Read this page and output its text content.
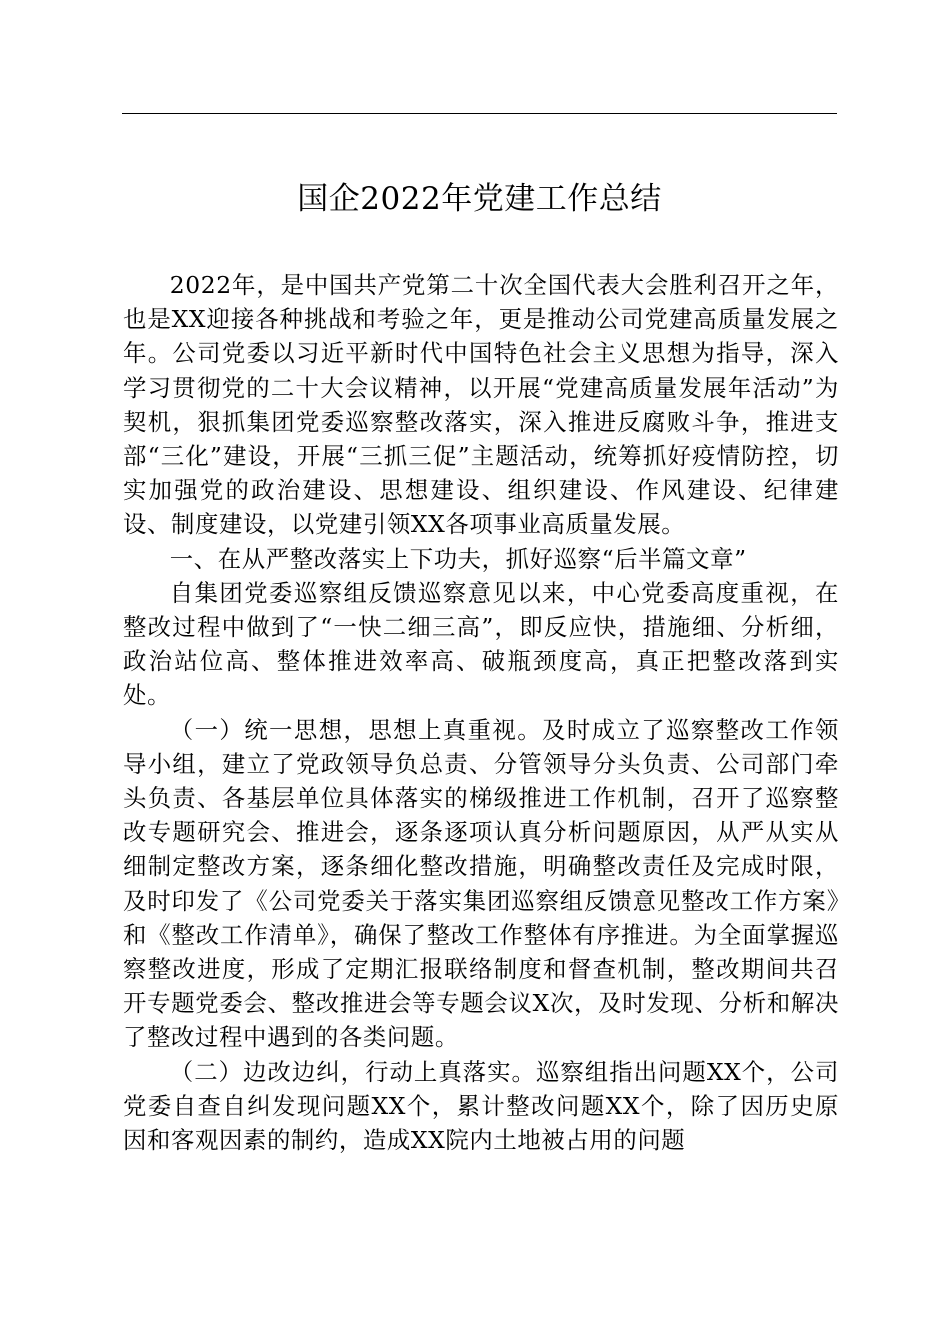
国企2022年党建工作总结

2022年，是中国共产党第二十次全国代表大会胜利召开之年，也是XX迎接各种挑战和考验之年，更是推动公司党建高质量发展之年。公司党委以习近平新时代中国特色社会主义思想为指导，深入学习贯彻党的二十大会议精神，以开展“党建高质量发展年活动”为契机，狠抓集团党委巡察整改落实，深入推进反腐败斗争，推进支部“三化”建设，开展“三抓三促”主题活动，统筹抓好疫情防控，切实加强党的政治建设、思想建设、组织建设、作风建设、纪律建设、制度建设，以党建引领XX各项事业高质量发展。

一、在从严整改落实上下功夫，抓好巡察“后半篇文章”

自集团党委巡察组反馈巡察意见以来，中心党委高度重视，在整改过程中做到了“一快二细三高”，即反应快，措施细、分析细，政治站位高、整体推进效率高、破瓶颈度高，真正把整改落到实处。

（一）统一思想，思想上真重视。及时成立了巡察整改工作领导小组，建立了党政领导负总责、分管领导分头负责、公司部门牵头负责、各基层单位具体落实的梯级推进工作机制，召开了巡察整改专题研究会、推进会，逐条逐项认真分析问题原因，从严从实从细制定整改方案，逐条细化整改措施，明确整改责任及完成时限，及时印发了《公司党委关于落实集团巡察组反馈意见整改工作方案》和《整改工作清单》，确保了整改工作整体有序推进。为全面掌握巡察整改进度，形成了定期汇报联络制度和督查机制，整改期间共召开专题党委会、整改推进会等专题会议X次，及时发现、分析和解决了整改过程中遇到的各类问题。

（二）边改边纠，行动上真落实。巡察组指出问题XX个，公司党委自查自纠发现问题XX个，累计整改问题XX个，除了因历史原因和客观因素的制约，造成XX院内土地被占用的问题
